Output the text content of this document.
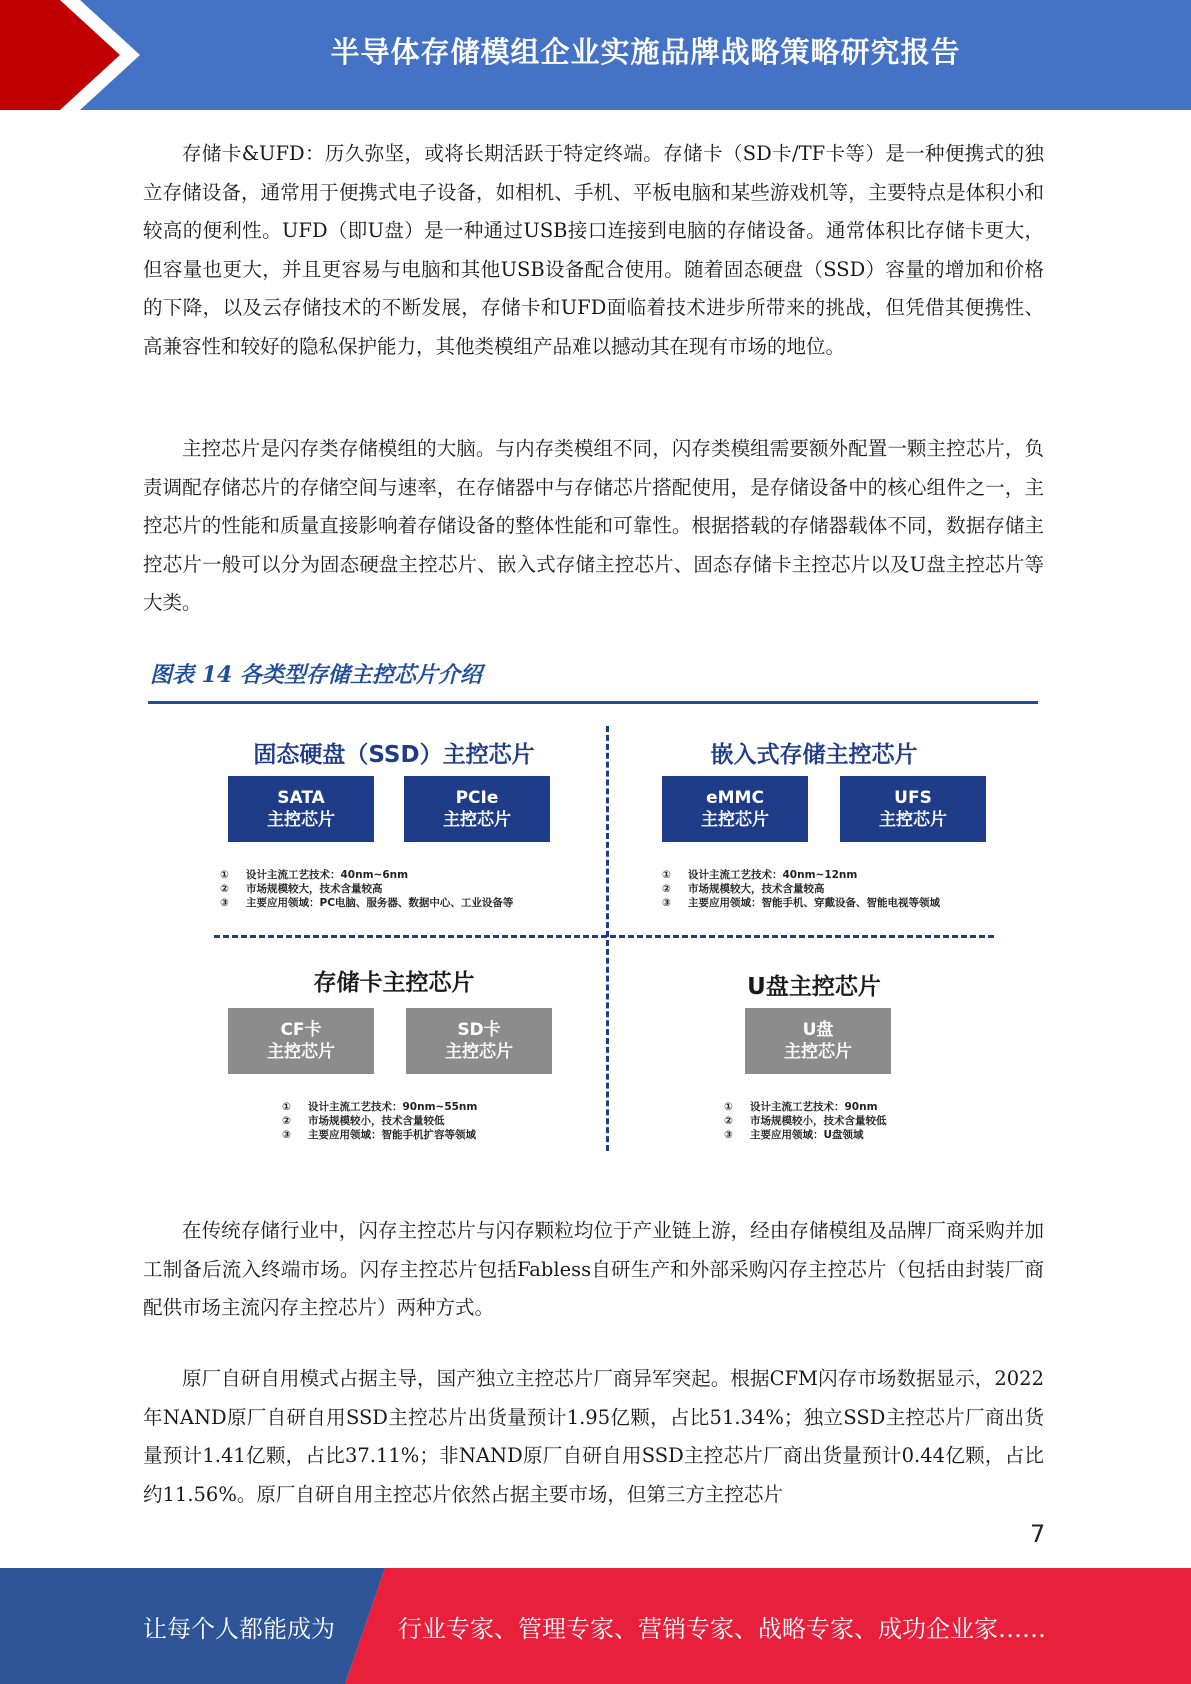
半导体存储模组企业实施品牌战略策略研究报告

存储卡&UFD：历久弥坚，或将长期活跃于特定终端。存储卡（SD卡/TF卡等）是一种便携式的独立存储设备，通常用于便携式电子设备，如相机、手机、平板电脑和某些游戏机等，主要特点是体积小和较高的便利性。UFD（即U盘）是一种通过USB接口连接到电脑的存储设备。通常体积比存储卡更大，但容量也更大，并且更容易与电脑和其他USB设备配合使用。随着固态硬盘（SSD）容量的增加和价格的下降，以及云存储技术的不断发展，存储卡和UFD面临着技术进步所带来的挑战，但凭借其便携性、高兼容性和较好的隐私保护能力，其他类模组产品难以撼动其在现有市场的地位。

主控芯片是闪存类存储模组的大脑。与内存类模组不同，闪存类模组需要额外配置一颗主控芯片，负责调配存储芯片的存储空间与速率，在存储器中与存储芯片搭配使用，是存储设备中的核心组件之一，主控芯片的性能和质量直接影响着存储设备的整体性能和可靠性。根据搭载的存储器载体不同，数据存储主控芯片一般可以分为固态硬盘主控芯片、嵌入式存储主控芯片、固态存储卡主控芯片以及U盘主控芯片等大类。

图表 14 各类型存储主控芯片介绍
固态硬盘（SSD）主控芯片
SATA
主控芯片
PCIe
主控芯片
①	设计主流工艺技术：40nm~6nm
②	市场规模较大，技术含量较高
③	主要应用领域：PC电脑、服务器、数据中心、工业设备等
嵌入式存储主控芯片
eMMC
主控芯片
UFS
主控芯片
①	设计主流工艺技术：40nm~12nm
②	市场规模较大，技术含量较高
③	主要应用领域：智能手机、穿戴设备、智能电视等领域
存储卡主控芯片
CF卡
主控芯片
SD卡
主控芯片
①	设计主流工艺技术：90nm~55nm
②	市场规模较小，技术含量较低
③	主要应用领域：智能手机扩容等领域
U盘主控芯片
U盘
主控芯片
①	设计主流工艺技术：90nm
②	市场规模较小，技术含量较低
③	主要应用领域：U盘领域

在传统存储行业中，闪存主控芯片与闪存颗粒均位于产业链上游，经由存储模组及品牌厂商采购并加工制备后流入终端市场。闪存主控芯片包括Fabless自研生产和外部采购闪存主控芯片（包括由封装厂商配供市场主流闪存主控芯片）两种方式。

原厂自研自用模式占据主导，国产独立主控芯片厂商异军突起。根据CFM闪存市场数据显示，2022年NAND原厂自研自用SSD主控芯片出货量预计1.95亿颗，占比51.34%；独立SSD主控芯片厂商出货量预计1.41亿颗，占比37.11%；非NAND原厂自研自用SSD主控芯片厂商出货量预计0.44亿颗，占比约11.56%。原厂自研自用主控芯片依然占据主要市场，但第三方主控芯片

7
让每个人都能成为	行业专家、管理专家、营销专家、战略专家、成功企业家……
